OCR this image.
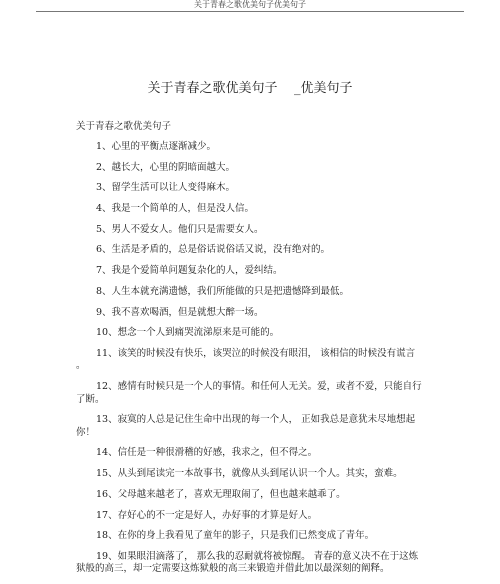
关于青春之歌优美句子优美句子
关于青春之歌优美句子    _优美句子
关于青春之歌优美句子
1、心里的平衡点逐渐减少。
2、越长大，心里的阴暗面越大。
3、留学生活可以让人变得麻木。
4、我是一个简单的人，但是没人信。
5、男人不爱女人。他们只是需要女人。
6、生活是矛盾的，总是俗话说俗话又说，没有绝对的。
7、我是个爱简单问题复杂化的人，爱纠结。
8、人生本就充满遗憾，我们所能做的只是把遗憾降到最低。
9、我不喜欢喝酒，但是就想大醉一场。
10、想念一个人到痛哭流涕原来是可能的。
11、该笑的时候没有快乐，该哭泣的时候没有眼泪， 该相信的时候没有谎言 。
12、感情有时候只是一个人的事情。和任何人无关。爱，或者不爱，只能自行了断。
13、寂寞的人总是记住生命中出现的每一个人， 正如我总是意犹未尽地想起你！
14、信任是一种很滑稽的好感，我求之，但不得之。
15、从头到尾读完一本故事书，就像从头到尾认识一个人。其实，蛮难。
16、父母越来越老了，喜欢无理取闹了，但也越来越乖了。
17、存好心的不一定是好人，办好事的才算是好人。
18、在你的身上我看见了童年的影子，只是我们已然变成了青年。
19、如果眼泪滴落了， 那么我的忍耐就将被惊醒。 青春的意义决不在于这炼狱般的高三，却一定需要这炼狱般的高三来锻造并借此加以最深刻的阐释。
